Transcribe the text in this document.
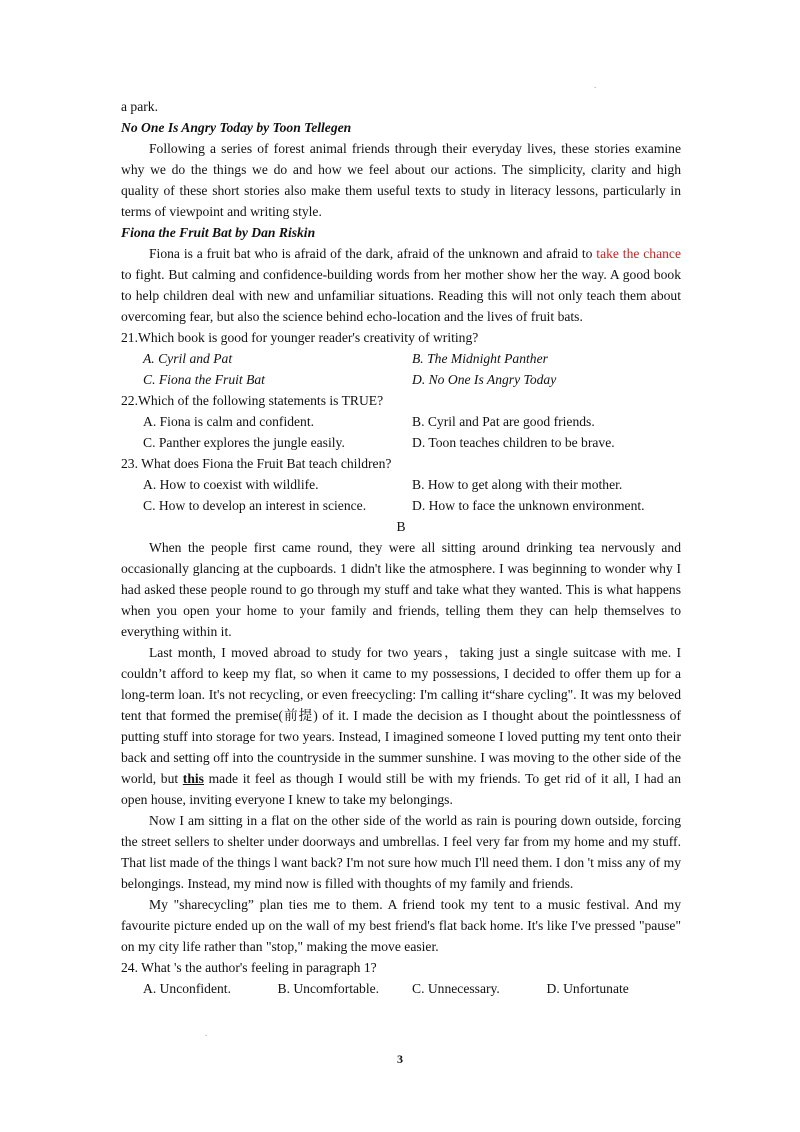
.
a park.
No One Is Angry Today by Toon Tellegen
Following a series of forest animal friends through their everyday lives, these stories examine why we do the things we do and how we feel about our actions. The simplicity, clarity and high quality of these short stories also make them useful texts to study in literacy lessons, particularly in terms of viewpoint and writing style.
Fiona the Fruit Bat by Dan Riskin
Fiona is a fruit bat who is afraid of the dark, afraid of the unknown and afraid to take the chance to fight. But calming and confidence-building words from her mother show her the way. A good book to help children deal with new and unfamiliar situations. Reading this will not only teach them about overcoming fear, but also the science behind echo-location and the lives of fruit bats.
21.Which book is good for younger reader's creativity of writing?
A. Cyril and Pat	B. The Midnight Panther
C. Fiona the Fruit Bat	D. No One Is Angry Today
22.Which of the following statements is TRUE?
A. Fiona is calm and confident.	B. Cyril and Pat are good friends.
C. Panther explores the jungle easily.	D. Toon teaches children to be brave.
23. What does Fiona the Fruit Bat teach children?
A. How to coexist with wildlife.	B. How to get along with their mother.
C. How to develop an interest in science.	D. How to face the unknown environment.
B
When the people first came round, they were all sitting around drinking tea nervously and occasionally glancing at the cupboards. 1 didn't like the atmosphere. I was beginning to wonder why I had asked these people round to go through my stuff and take what they wanted. This is what happens when you open your home to your family and friends, telling them they can help themselves to everything within it.
Last month, I moved abroad to study for two years，taking just a single suitcase with me. I couldn’t afford to keep my flat, so when it came to my possessions, I decided to offer them up for a long-term loan. It's not recycling, or even freecycling: I'm calling it“share cycling". It was my beloved tent that formed the premise(前提) of it. I made the decision as I thought about the pointlessness of putting stuff into storage for two years. Instead, I imagined someone I loved putting my tent onto their back and setting off into the countryside in the summer sunshine. I was moving to the other side of the world, but this made it feel as though I would still be with my friends. To get rid of it all, I had an open house, inviting everyone I knew to take my belongings.
Now I am sitting in a flat on the other side of the world as rain is pouring down outside, forcing the street sellers to shelter under doorways and umbrellas. I feel very far from my home and my stuff. That list made of the things l want back? I'm not sure how much I'll need them. I don 't miss any of my belongings. Instead, my mind now is filled with thoughts of my family and friends.
My "sharecycling” plan ties me to them. A friend took my tent to a music festival. And my favourite picture ended up on the wall of my best friend's flat back home. It's like I've pressed "pause" on my city life rather than "stop," making the move easier.
24. What 's the author's feeling in paragraph 1?
A. Unconfident.	B. Uncomfortable.	C. Unnecessary.	D. Unfortunate
.
3
